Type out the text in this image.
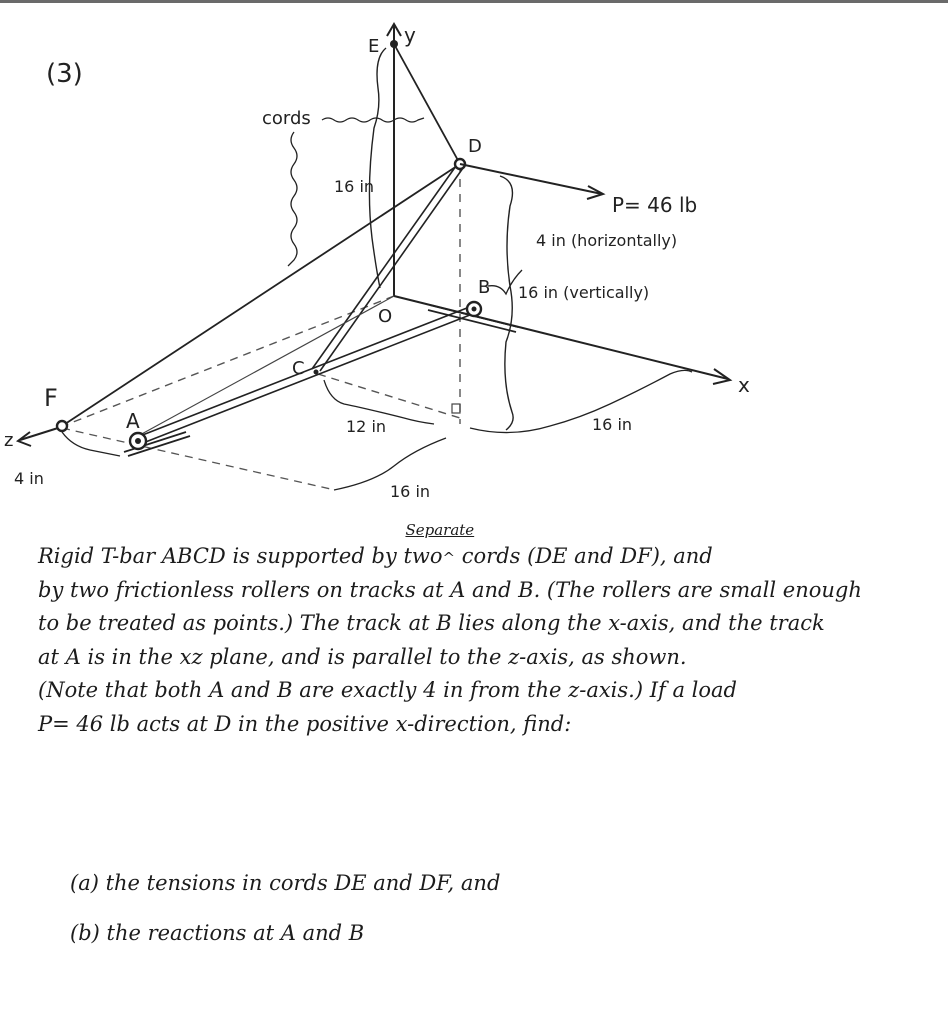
(3)
y
x
z
P= 46 lb
E
D
O
B
C
A
F
cords
16 in
4 in (horizontally)
16 in (vertically)
12 in	16 in
16 in
4 in

Rigid T-bar ABCD is supported by
Separate
two^ cords (DE and DF), and

by two frictionless rollers on tracks at A and B. (The rollers are small enough

to be treated as points.) The track at B lies along the x-axis, and the track

at A is in the xz plane, and is parallel to the z-axis, as shown.

(Note that both A and B are exactly 4 in from the z-axis.) If a load

P= 46 lb acts at D in the positive x-direction, find:

(a) the tensions in cords DE and DF, and
(b) the reactions at A and B
